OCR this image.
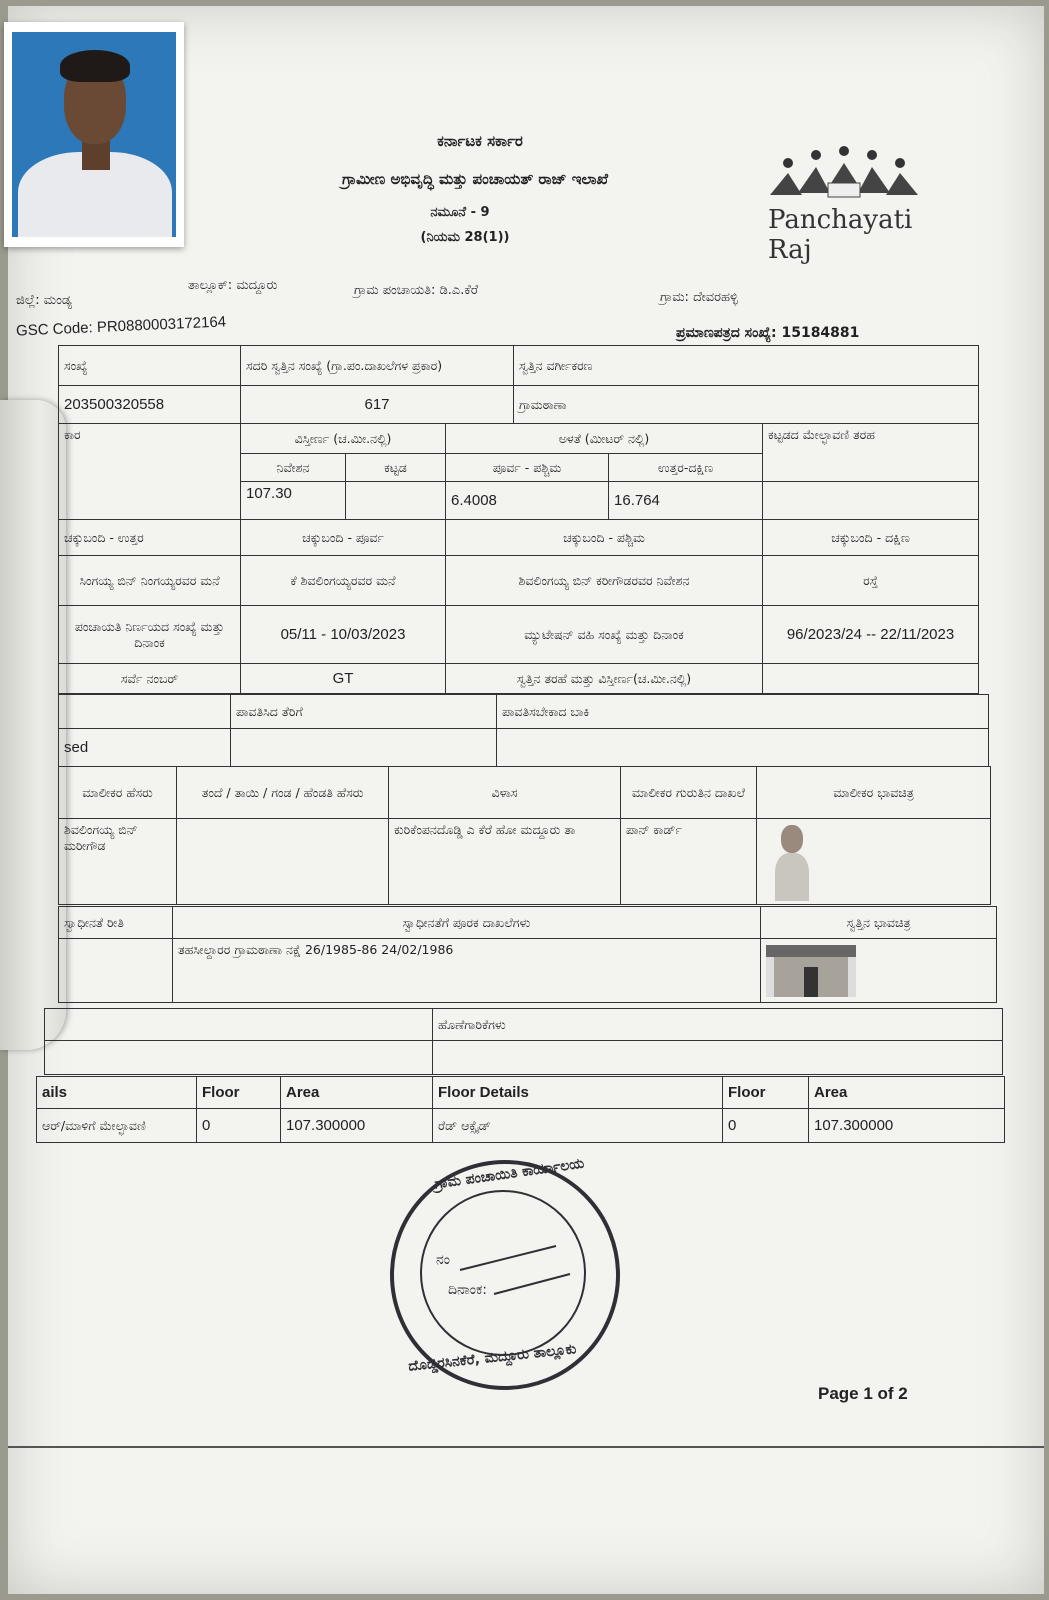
ಕರ್ನಾಟಕ ಸರ್ಕಾರ
ಗ್ರಾಮೀಣ ಅಭಿವೃದ್ಧಿ ಮತ್ತು ಪಂಚಾಯತ್ ರಾಜ್ ಇಲಾಖೆ
ನಮೂನೆ - 9
(ನಿಯಮ 28(1))
Panchayati Raj
ಜಿಲ್ಲೆ: ಮಂಡ್ಯ
ತಾಲ್ಲೂಕ್: ಮದ್ದೂರು	ಗ್ರಾಮ ಪಂಚಾಯತಿ: ಡಿ.ಎ.ಕೆರೆ	ಗ್ರಾಮ: ದೇವರಹಳ್ಳಿ
GSC Code: PR0880003172164	ಪ್ರಮಾಣಪತ್ರದ ಸಂಖ್ಯೆ: 15184881
ಸಂಖ್ಯೆ	ಸದರಿ ಸ್ವತ್ತಿನ ಸಂಖ್ಯೆ (ಗ್ರಾ.ಪಂ.ದಾಖಲೆಗಳ ಪ್ರಕಾರ)			ಸ್ವತ್ತಿನ ವರ್ಗೀಕರಣ		
203500320558	617			ಗ್ರಾಮಠಾಣಾ		
ಕಾರ	ವಿಸ್ತೀರ್ಣ (ಚ.ಮೀ.ನಲ್ಲಿ)		ಅಳತೆ (ಮೀಟರ್ ನಲ್ಲಿ)			ಕಟ್ಟಡದ ಮೇಲ್ಛಾವಣಿ ತರಹ
	ನಿವೇಶನ	ಕಟ್ಟಡ	ಪೂರ್ವ - ಪಶ್ಚಿಮ		ಉತ್ತರ-ದಕ್ಷಿಣ	
	107.30		6.4008		16.764	
ಚಕ್ಕುಬಂದಿ - ಉತ್ತರ	ಚಕ್ಕುಬಂದಿ - ಪೂರ್ವ		ಚಕ್ಕುಬಂದಿ - ಪಶ್ಚಿಮ			ಚಕ್ಕುಬಂದಿ - ದಕ್ಷಿಣ
ಸಿಂಗಯ್ಯ ಬಿನ್ ನಿಂಗಯ್ಯರವರ ಮನೆ	ಕೆ ಶಿವಲಿಂಗಯ್ಯರವರ ಮನೆ		ಶಿವಲಿಂಗಯ್ಯ ಬಿನ್ ಕರೀಗೌಡರವರ ನಿವೇಶನ			ರಸ್ತೆ
ಪಂಚಾಯತಿ ನಿರ್ಣಯದ ಸಂಖ್ಯೆ ಮತ್ತು ದಿನಾಂಕ	05/11 - 10/03/2023		ಮ್ಯುಟೇಷನ್ ವಹಿ ಸಂಖ್ಯೆ ಮತ್ತು ದಿನಾಂಕ			96/2023/24 -- 22/11/2023
ಸರ್ವೆ ನಂಬರ್	GT		ಸ್ವತ್ತಿನ ತರಹೆ ಮತ್ತು ವಿಸ್ತೀರ್ಣ(ಚ.ಮೀ.ನಲ್ಲಿ)			
	ಪಾವತಿಸಿದ ತೆರಿಗೆ	ಪಾವತಿಸಬೇಕಾದ ಬಾಕಿ
sed		
ಮಾಲೀಕರ ಹೆಸರು	ತಂದೆ / ತಾಯಿ / ಗಂಡ / ಹೆಂಡತಿ ಹೆಸರು	ವಿಳಾಸ	ಮಾಲೀಕರ ಗುರುತಿನ ದಾಖಲೆ	ಮಾಲೀಕರ ಭಾವಚಿತ್ರ
ಶಿವಲಿಂಗಯ್ಯ ಬಿನ್ ಮರೀಗೌಡ		ಕುರಿಕೆಂಪನದೊಡ್ಡಿ ಎ ಕೆರೆ ಹೋ ಮದ್ದೂರು ತಾ	ಪಾನ್ ಕಾರ್ಡ್	
ಸ್ವಾಧೀನತೆ ರೀತಿ	ಸ್ವಾಧೀನತೆಗೆ ಪೂರಕ ದಾಖಲೆಗಳು	ಸ್ವತ್ತಿನ ಭಾವಚಿತ್ರ
	ತಹಸೀಲ್ದಾರರ ಗ್ರಾಮಠಾಣಾ ನಕ್ಷೆ 26/1985-86 24/02/1986	
	ಹೊಣೆಗಾರಿಕೆಗಳು

ails	Floor	Area	Floor Details	Floor	Area
ಆರ್/ಮಾಳಿಗೆ ಮೇಲ್ಛಾವಣಿ	0	107.300000	ರೆಡ್ ಆಕ್ಸೈಡ್	0	107.300000
ಗ್ರಾಮ ಪಂಚಾಯಿತಿ ಕಾರ್ಯಾಲಯ
ನಂ
ದಿನಾಂಕ:
ದೊಡ್ಡರಸಿನಕೆರೆ, ಮದ್ದೂರು ತಾಲ್ಲೂಕು
Page 1 of 2
